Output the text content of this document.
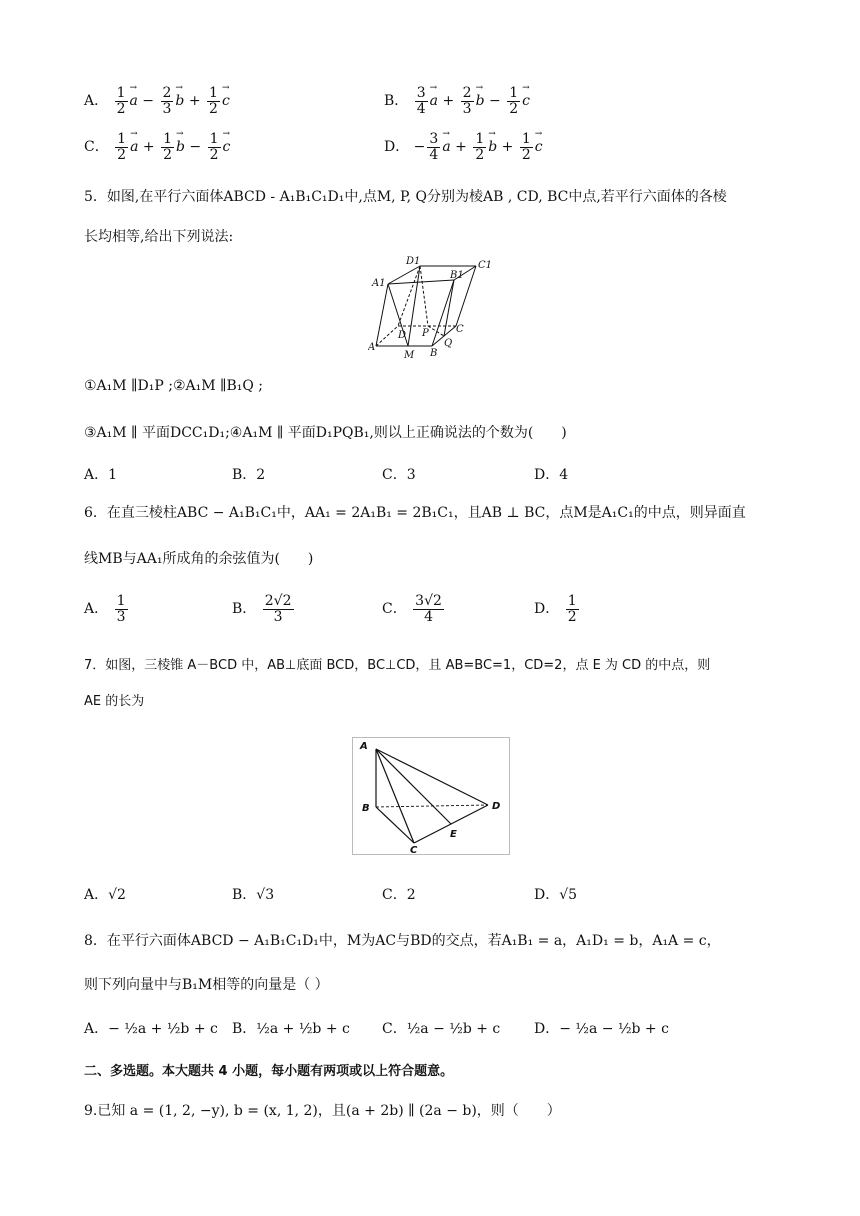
A． $\frac{1}{2} \to a - \frac{2}{3} \to b + \frac{1}{2} \to c$	B． $\frac{3}{4} \to a + \frac{2}{3} \to b - \frac{1}{2} \to c$
C． $\frac{1}{2} \to a + \frac{1}{2} \to b - \frac{1}{2} \to c$	D． − $\frac{3}{4} \to a + \frac{1}{2} \to b + \frac{1}{2} \to c$
5．如图,在平行六面体ABCD - A₁B₁C₁D₁中,点M, P, Q分别为棱AB , CD, BC中点,若平行六面体的各棱
长均相等,给出下列说法:
D1
B1
C1
A1
D P	C
A
M B
Q
①A₁M ∥D₁P ;②A₁M ∥B₁Q ;
③A₁M ∥ 平面DCC₁D₁;④A₁M ∥ 平面D₁PQB₁,则以上正确说法的个数为(　　)
A．1	B．2	C．3	D．4
6．在直三棱柱ABC − A₁B₁C₁中，AA₁ = 2A₁B₁ = 2B₁C₁，且AB ⊥ BC，点M是A₁C₁的中点，则异面直
线MB与AA₁所成角的余弦值为(　　)
A． $\frac{1}{3}$	B． $\frac{2√2}{3}$	C． $\frac{3√2}{4}$	D． $\frac{1}{2}$
7．如图，三棱锥 A－BCD 中，AB⊥底面 BCD，BC⊥CD，且 AB=BC=1，CD=2，点 E 为 CD 的中点，则
AE 的长为
A
B	D
E
C
A．√2	B．√3	C．2	D．√5
8．在平行六面体ABCD − A₁B₁C₁D₁中，M为AC与BD的交点，若A₁B₁ = a，A₁D₁ = b，A₁A = c，
则下列向量中与B₁M相等的向量是（ ）
A．− ½a + ½b + c B．½a + ½b + c C．½a − ½b + c D．− ½a − ½b + c
二、多选题。本大题共 4 小题，每小题有两项或以上符合题意。
9.已知 a = (1, 2, −y), b = (x, 1, 2)，且(a + 2b) ∥ (2a − b)，则（　　）
